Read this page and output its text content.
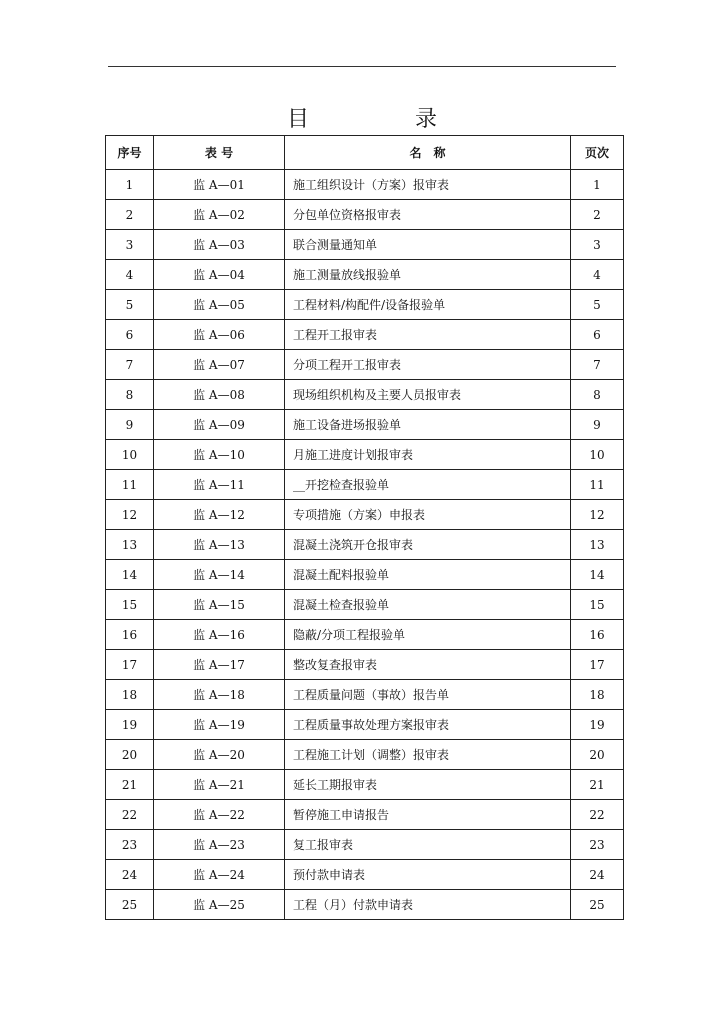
目　录
序号	表 号	名　称	页次
1	监 A—01	施工组织设计（方案）报审表	1
2	监 A—02	分包单位资格报审表	2
3	监 A—03	联合测量通知单	3
4	监 A—04	施工测量放线报验单	4
5	监 A—05	工程材料/构配件/设备报验单	5
6	监 A—06	工程开工报审表	6
7	监 A—07	分项工程开工报审表	7
8	监 A—08	现场组织机构及主要人员报审表	8
9	监 A—09	施工设备进场报验单	9
10	监 A—10	月施工进度计划报审表	10
11	监 A—11	__开挖检查报验单	11
12	监 A—12	专项措施（方案）申报表	12
13	监 A—13	混凝土浇筑开仓报审表	13
14	监 A—14	混凝土配料报验单	14
15	监 A—15	混凝土检查报验单	15
16	监 A—16	隐蔽/分项工程报验单	16
17	监 A—17	整改复查报审表	17
18	监 A—18	工程质量问题（事故）报告单	18
19	监 A—19	工程质量事故处理方案报审表	19
20	监 A—20	工程施工计划（调整）报审表	20
21	监 A—21	延长工期报审表	21
22	监 A—22	暂停施工申请报告	22
23	监 A—23	复工报审表	23
24	监 A—24	预付款申请表	24
25	监 A—25	工程（月）付款申请表	25
